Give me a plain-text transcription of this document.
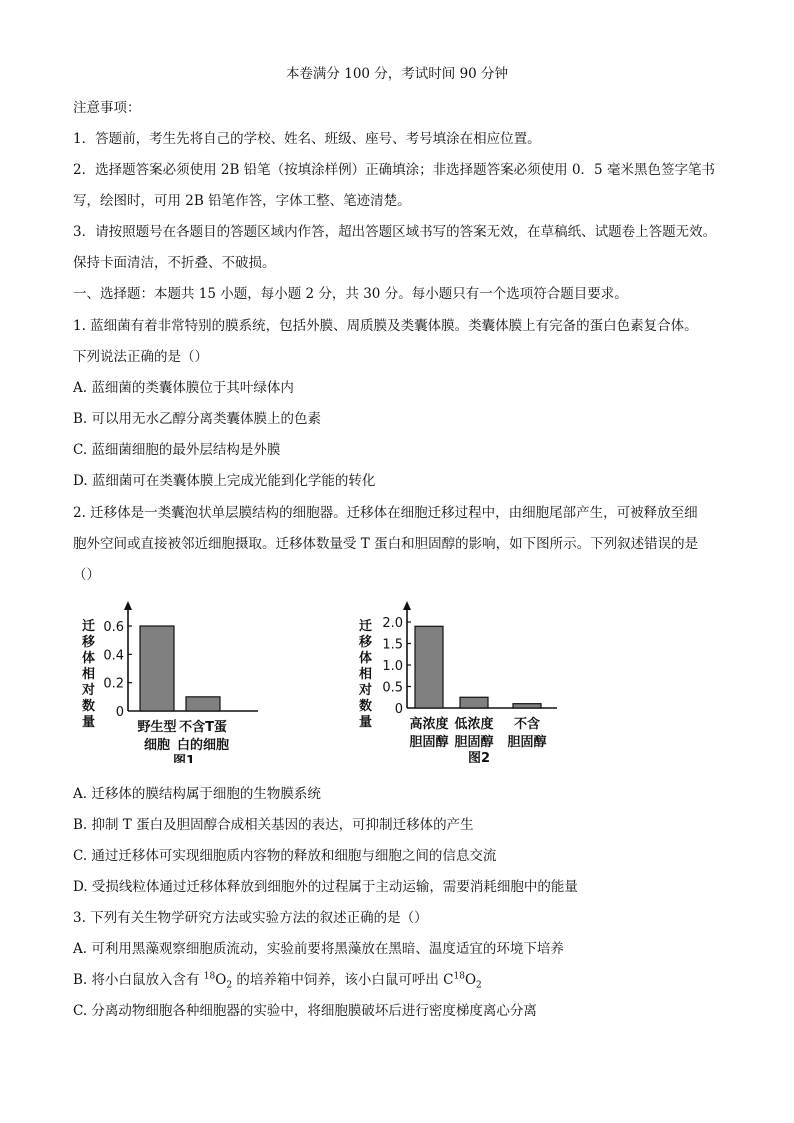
本卷满分 100 分，考试时间 90 分钟
注意事项：
1．答题前，考生先将自己的学校、姓名、班级、座号、考号填涂在相应位置。
2．选择题答案必须使用 2B 铅笔（按填涂样例）正确填涂；非选择题答案必须使用 0．5 毫米黑色签字笔书
写，绘图时，可用 2B 铅笔作答，字体工整、笔迹清楚。
3．请按照题号在各题目的答题区域内作答，超出答题区域书写的答案无效，在草稿纸、试题卷上答题无效。
保持卡面清洁，不折叠、不破损。
一、选择题：本题共 15 小题，每小题 2 分，共 30 分。每小题只有一个选项符合题目要求。
1. 蓝细菌有着非常特别的膜系统，包括外膜、周质膜及类囊体膜。类囊体膜上有完备的蛋白色素复合体。
下列说法正确的是（）
A. 蓝细菌的类囊体膜位于其叶绿体内
B. 可以用无水乙醇分离类囊体膜上的色素
C. 蓝细菌细胞的最外层结构是外膜
D. 蓝细菌可在类囊体膜上完成光能到化学能的转化
2. 迁移体是一类囊泡状单层膜结构的细胞器。迁移体在细胞迁移过程中，由细胞尾部产生，可被释放至细
胞外空间或直接被邻近细胞摄取。迁移体数量受 T 蛋白和胆固醇的影响，如下图所示。下列叙述错误的是
（）
迁
移
体
相
对
数
量
0.6
0.4
0.2
0
野生型
细胞
不含T蛋
白的细胞
图1
迁
移
体
相
对
数
量
2.0
1.5
1.0
0.5
0
高浓度
胆固醇
低浓度
胆固醇
不含
胆固醇
图2
A. 迁移体的膜结构属于细胞的生物膜系统
B. 抑制 T 蛋白及胆固醇合成相关基因的表达，可抑制迁移体的产生
C. 通过迁移体可实现细胞质内容物的释放和细胞与细胞之间的信息交流
D. 受损线粒体通过迁移体释放到细胞外的过程属于主动运输，需要消耗细胞中的能量
3. 下列有关生物学研究方法或实验方法的叙述正确的是（）
A. 可利用黑藻观察细胞质流动，实验前要将黑藻放在黑暗、温度适宜的环境下培养
B. 将小白鼠放入含有 $^{18}O_2$ 的培养箱中饲养，该小白鼠可呼出 $C^{18}O_2$
C. 分离动物细胞各种细胞器的实验中，将细胞膜破坏后进行密度梯度离心分离
